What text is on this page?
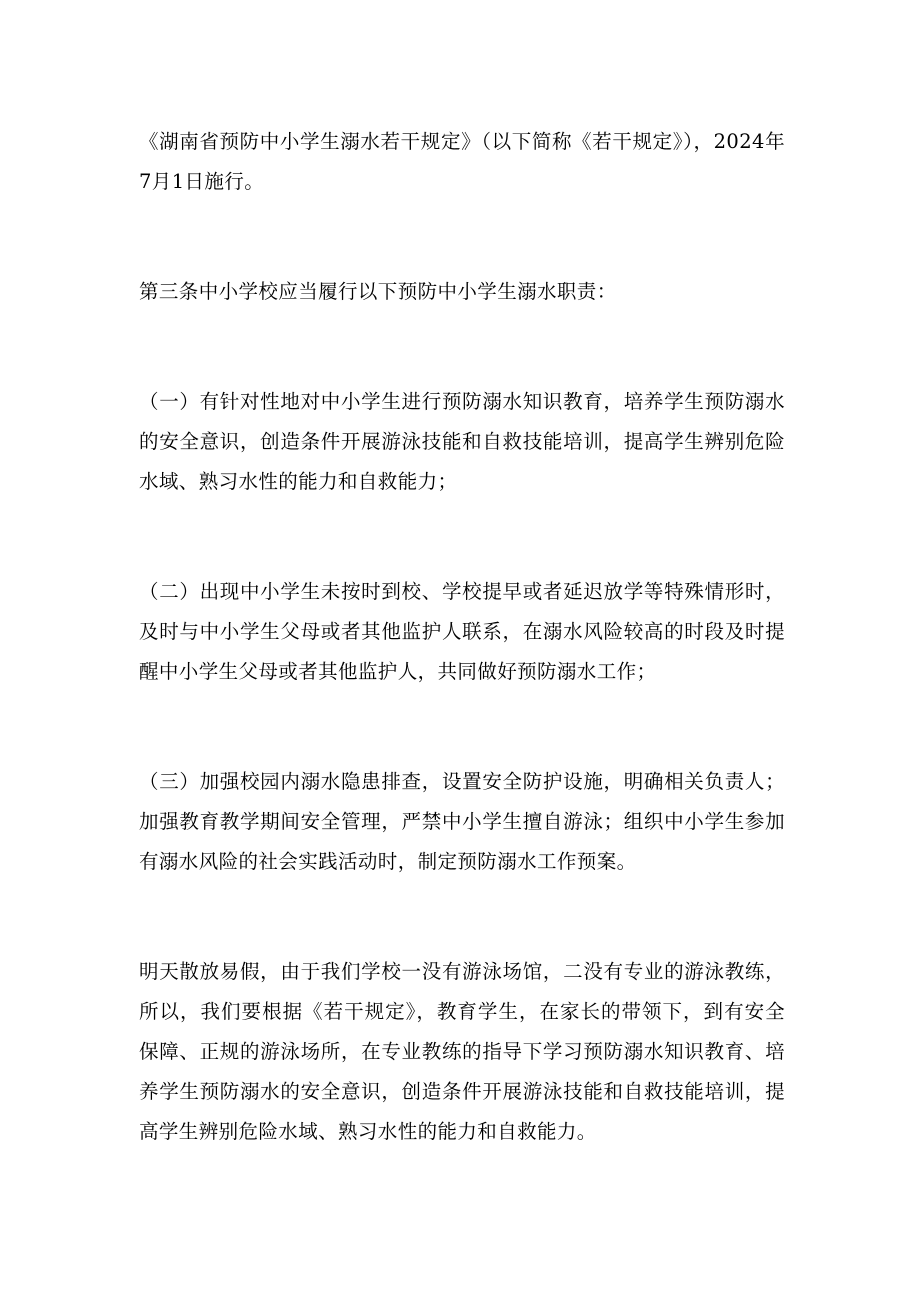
《湖南省预防中小学生溺水若干规定》（以下简称《若干规定》），2024年7月1日施行。

第三条中小学校应当履行以下预防中小学生溺水职责：

（一）有针对性地对中小学生进行预防溺水知识教育，培养学生预防溺水的安全意识，创造条件开展游泳技能和自救技能培训，提高学生辨别危险水域、熟习水性的能力和自救能力；

（二）出现中小学生未按时到校、学校提早或者延迟放学等特殊情形时，及时与中小学生父母或者其他监护人联系，在溺水风险较高的时段及时提醒中小学生父母或者其他监护人，共同做好预防溺水工作；

（三）加强校园内溺水隐患排查，设置安全防护设施，明确相关负责人；加强教育教学期间安全管理，严禁中小学生擅自游泳；组织中小学生参加有溺水风险的社会实践活动时，制定预防溺水工作预案。

明天散放易假，由于我们学校一没有游泳场馆，二没有专业的游泳教练，所以，我们要根据《若干规定》，教育学生，在家长的带领下，到有安全保障、正规的游泳场所，在专业教练的指导下学习预防溺水知识教育、培养学生预防溺水的安全意识，创造条件开展游泳技能和自救技能培训，提高学生辨别危险水域、熟习水性的能力和自救能力。
